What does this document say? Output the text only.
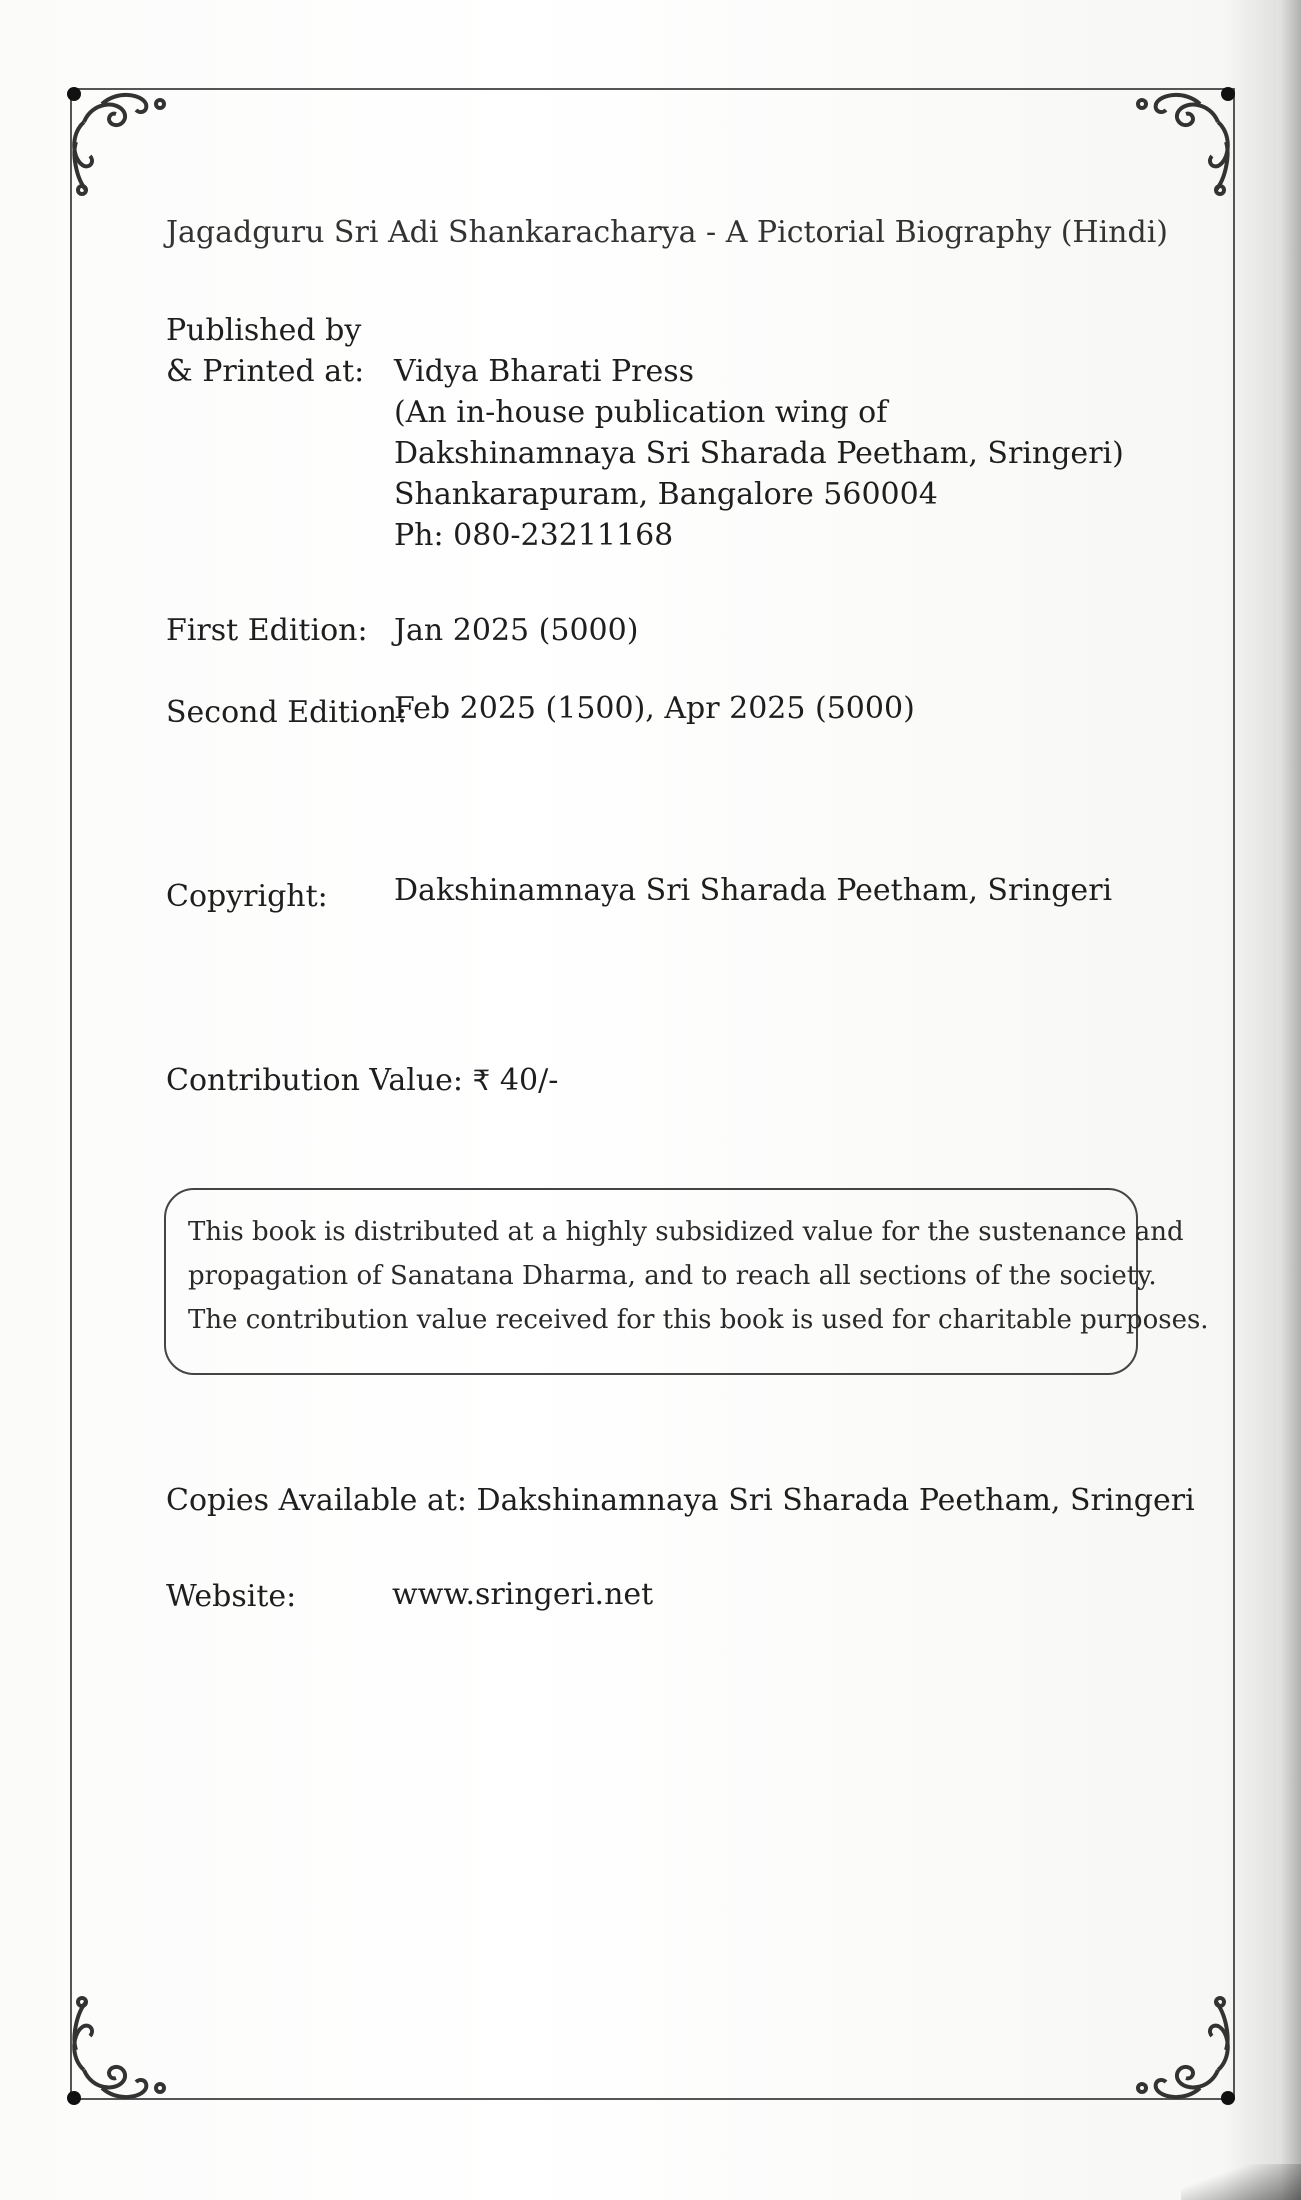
Jagadguru Sri Adi Shankaracharya - A Pictorial Biography (Hindi)
Published by
& Printed at: Vidya Bharati Press
(An in-house publication wing of
Dakshinamnaya Sri Sharada Peetham, Sringeri)
Shankarapuram, Bangalore 560004
Ph: 080-23211168
First Edition: Jan 2025 (5000)
Second Edition:
Feb 2025 (1500), Apr 2025 (5000)
Copyright: Dakshinamnaya Sri Sharada Peetham, Sringeri
Contribution Value: ₹ 40/-
This book is distributed at a highly subsidized value for the sustenance and
propagation of Sanatana Dharma, and to reach all sections of the society.
The contribution value received for this book is used for charitable purposes.
Copies Available at: Dakshinamnaya Sri Sharada Peetham, Sringeri
Website:	www.sringeri.net
